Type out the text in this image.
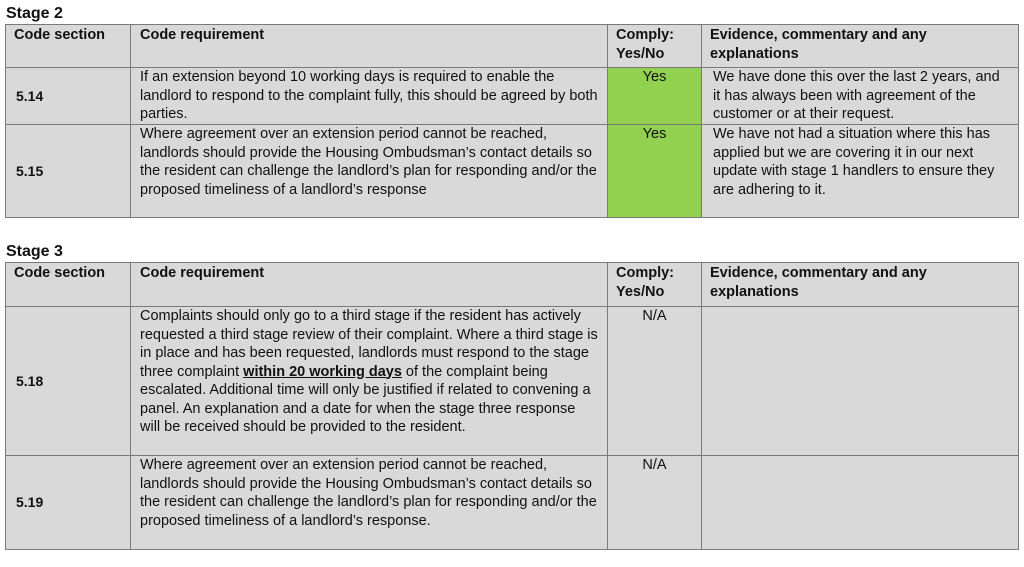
Stage 2
Code section	Code requirement	Comply: Yes/No	Evidence, commentary and any explanations
5.14	If an extension beyond 10 working days is required to enable the landlord to respond to the complaint fully, this should be agreed by both parties.	Yes	We have done this over the last 2 years, and it has always been with agreement of the customer or at their request.
5.15	Where agreement over an extension period cannot be reached, landlords should provide the Housing Ombudsman’s contact details so the resident can challenge the landlord’s plan for responding and/or the proposed timeliness of a landlord’s response	Yes	We have not had a situation where this has applied but we are covering it in our next update with stage 1 handlers to ensure they are adhering to it.
Stage 3
Code section	Code requirement	Comply: Yes/No	Evidence, commentary and any explanations
5.18	Complaints should only go to a third stage if the resident has actively requested a third stage review of their complaint. Where a third stage is in place and has been requested, landlords must respond to the stage three complaint within 20 working days of the complaint being escalated. Additional time will only be justified if related to convening a panel. An explanation and a date for when the stage three response will be received should be provided to the resident.	N/A	
5.19	Where agreement over an extension period cannot be reached, landlords should provide the Housing Ombudsman’s contact details so the resident can challenge the landlord’s plan for responding and/or the proposed timeliness of a landlord’s response.	N/A	
